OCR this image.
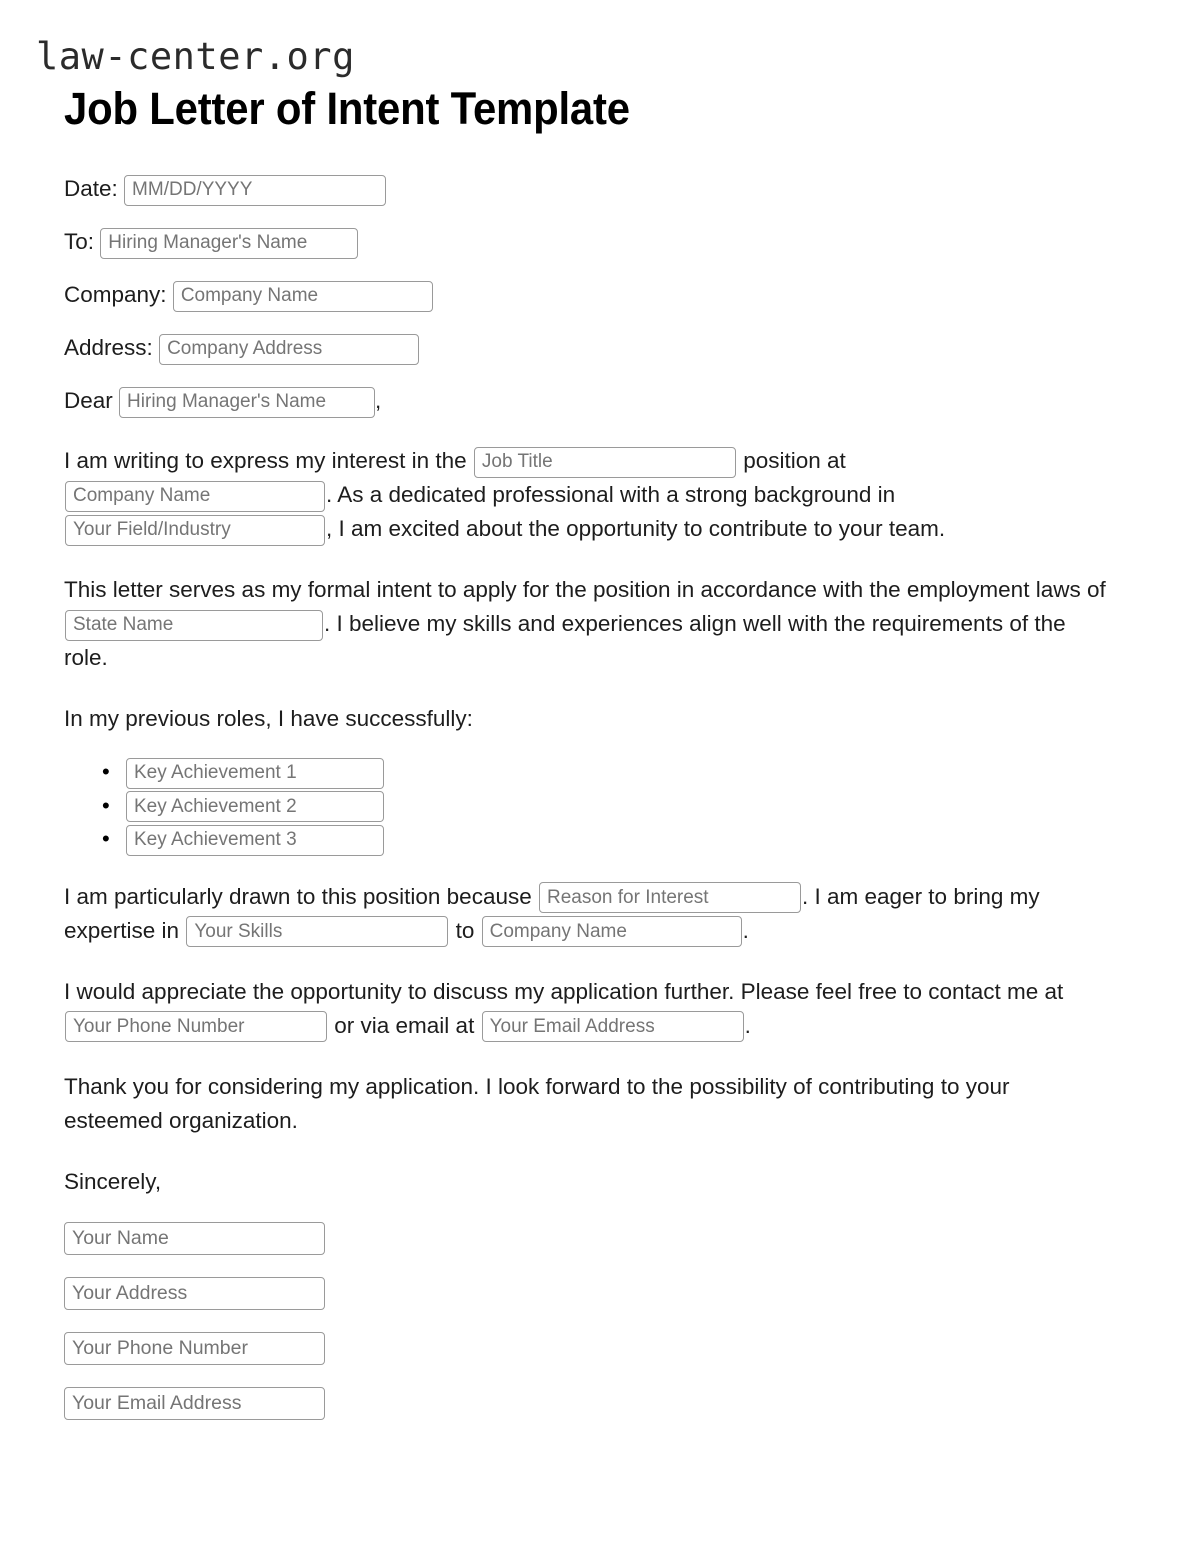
law-center.org
Job Letter of Intent Template
Date: MM/DD/YYYY
To: Hiring Manager's Name
Company: Company Name
Address: Company Address
Dear Hiring Manager's Name	,

I am writing to express my interest in the Job Title	position at Company Name. As a dedicated professional with a strong background in Your Field/Industry, I am excited about the opportunity to contribute to your team.

This letter serves as my formal intent to apply for the position in accordance with the employment laws of State Name. I believe my skills and experiences align well with the requirements of the role.

In my previous roles, I have successfully:

• Key Achievement 1
• Key Achievement 2
• Key Achievement 3

I am particularly drawn to this position because Reason for Interest	. I am eager to bring my expertise in Your Skills	to Company Name	.

I would appreciate the opportunity to discuss my application further. Please feel free to contact me at Your Phone Number or via email at Your Email Address	.

Thank you for considering my application. I look forward to the possibility of contributing to your esteemed organization.

Sincerely,

Your Name
Your Address
Your Phone Number
Your Email Address
